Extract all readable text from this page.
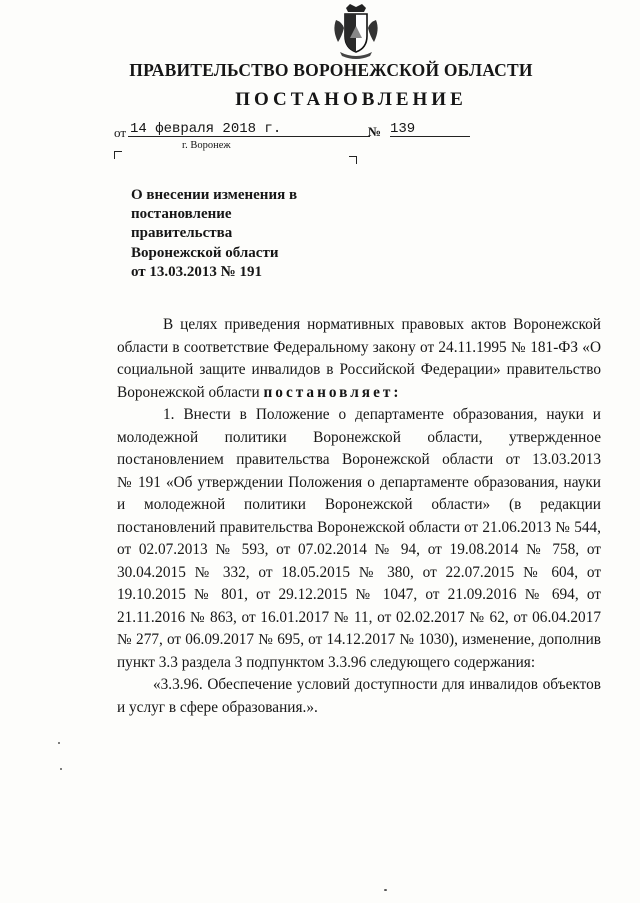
ПРАВИТЕЛЬСТВО ВОРОНЕЖСКОЙ ОБЛАСТИ

ПОСТАНОВЛЕНИЕ

от 14 февраля 2018 г.	№ 139
г. Воронеж
О внесении изменения в
постановление
правительства
Воронежской области
от 13.03.2013 № 191
В целях приведения нормативных правовых актов Воронежской
области в соответствие Федеральному закону от 24.11.1995 № 181-ФЗ «О
социальной защите инвалидов в Российской Федерации» правительство
Воронежской области постановляет:
1. Внести в Положение о департаменте образования, науки и
молодежной политики Воронежской области, утвержденное
постановлением правительства Воронежской области от 13.03.2013
№ 191 «Об утверждении Положения о департаменте образования, науки
и молодежной политики Воронежской области» (в редакции
постановлений правительства Воронежской области от 21.06.2013 № 544,
от 02.07.2013 № 593, от 07.02.2014 № 94, от 19.08.2014 № 758, от
30.04.2015 № 332, от 18.05.2015 № 380, от 22.07.2015 № 604, от
19.10.2015 № 801, от 29.12.2015 № 1047, от 21.09.2016 № 694, от
21.11.2016 № 863, от 16.01.2017 № 11, от 02.02.2017 № 62, от 06.04.2017
№ 277, от 06.09.2017 № 695, от 14.12.2017 № 1030), изменение, дополнив
пункт 3.3 раздела 3 подпунктом 3.3.96 следующего содержания:
«3.3.96. Обеспечение условий доступности для инвалидов объектов
и услуг в сфере образования.».
